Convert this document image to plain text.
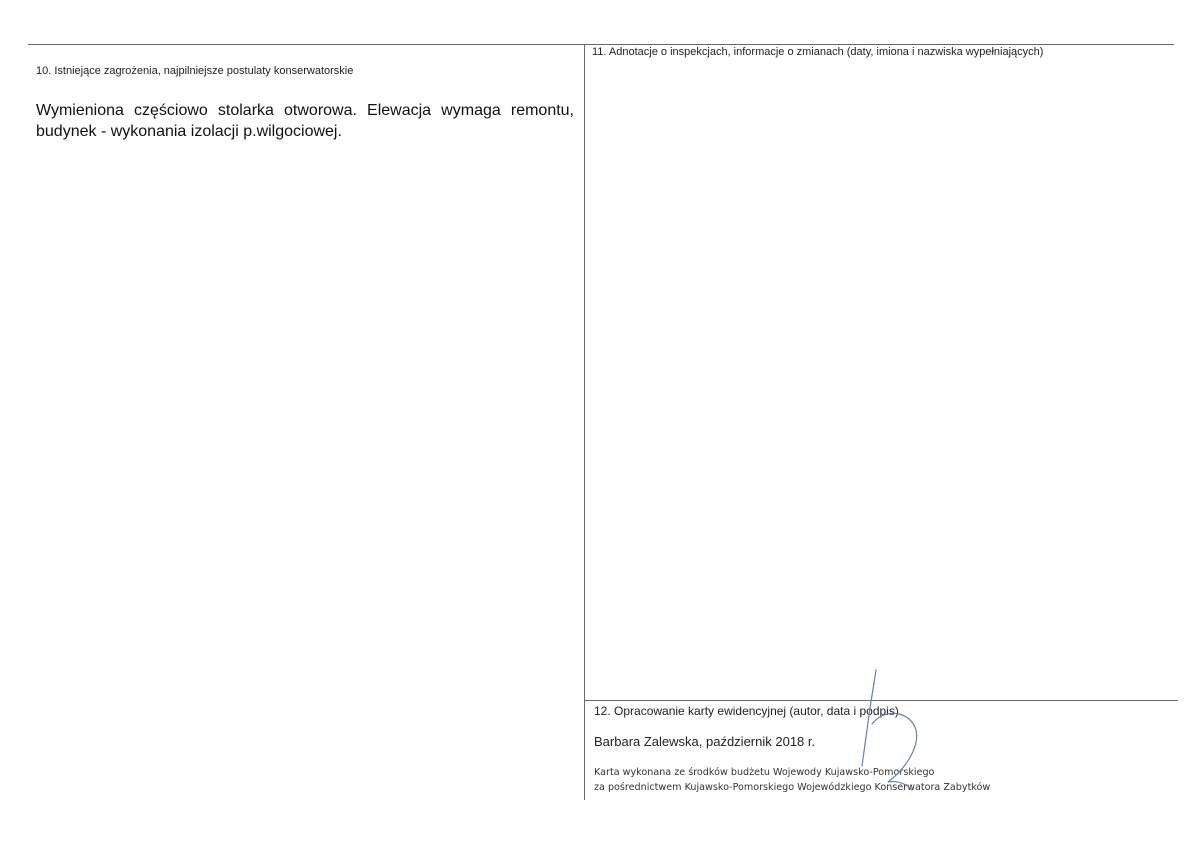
10. Istniejące zagrożenia, najpilniejsze postulaty konserwatorskie
Wymieniona częściowo stolarka otworowa. Elewacja wymaga remontu, budynek - wykonania izolacji p.wilgociowej.
11. Adnotacje o inspekcjach, informacje o zmianach (daty, imiona i nazwiska wypełniających)
12. Opracowanie karty ewidencyjnej (autor, data i podpis)
Barbara Zalewska, październik 2018 r.
Karta wykonana ze środków budżetu Wojewody Kujawsko-Pomorskiego
za pośrednictwem Kujawsko-Pomorskiego Wojewódzkiego Konserwatora Zabytków
